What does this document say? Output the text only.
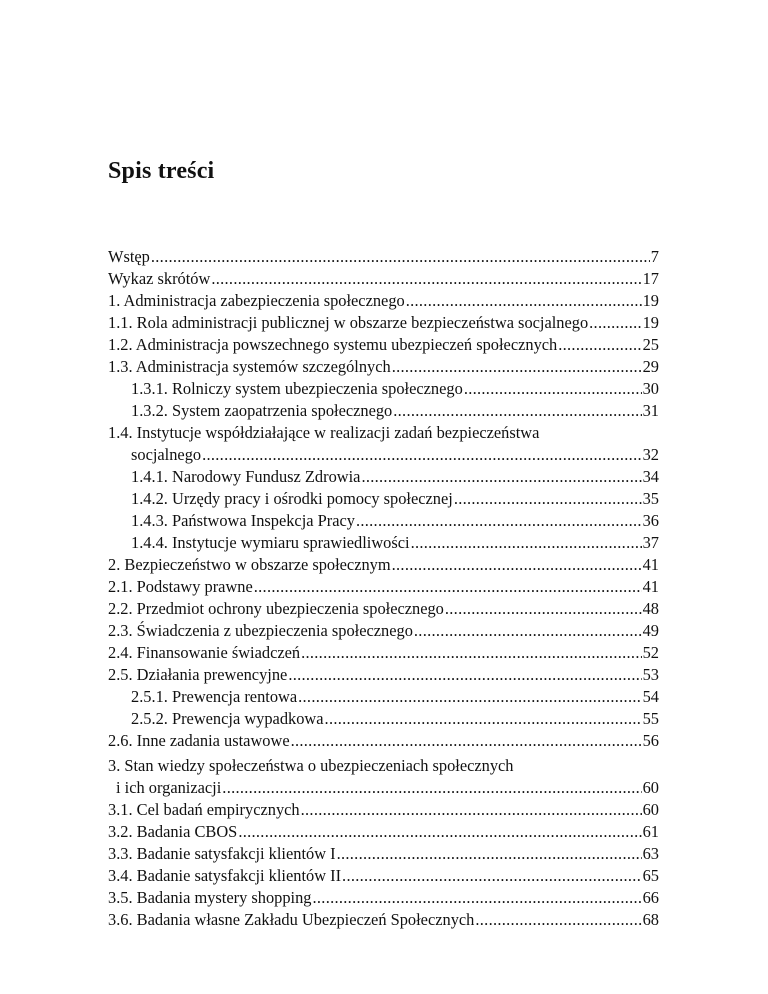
Spis treści
Wstęp .....	7
Wykaz skrótów .....	17
1. Administracja zabezpieczenia społecznego .....	19
1.1. Rola administracji publicznej w obszarze bezpieczeństwa socjalnego .....	19
1.2. Administracja powszechnego systemu ubezpieczeń społecznych .....	25
1.3. Administracja systemów szczególnych .....	29
1.3.1. Rolniczy system ubezpieczenia społecznego .....	30
1.3.2. System zaopatrzenia społecznego .....	31
1.4. Instytucje współdziałające w realizacji zadań bezpieczeństwa
socjalnego .....	32
1.4.1. Narodowy Fundusz Zdrowia .....	34
1.4.2. Urzędy pracy i ośrodki pomocy społecznej .....	35
1.4.3. Państwowa Inspekcja Pracy .....	36
1.4.4. Instytucje wymiaru sprawiedliwości .....	37
2. Bezpieczeństwo w obszarze społecznym .....	41
2.1. Podstawy prawne .....	41
2.2. Przedmiot ochrony ubezpieczenia społecznego .....	48
2.3. Świadczenia z ubezpieczenia społecznego .....	49
2.4. Finansowanie świadczeń .....	52
2.5. Działania prewencyjne .....	53
2.5.1. Prewencja rentowa .....	54
2.5.2. Prewencja wypadkowa .....	55
2.6. Inne zadania ustawowe .....	56
3. Stan wiedzy społeczeństwa o ubezpieczeniach społecznych
i ich organizacji .....	60
3.1. Cel badań empirycznych .....	60
3.2. Badania CBOS .....	61
3.3. Badanie satysfakcji klientów I .....	63
3.4. Badanie satysfakcji klientów II .....	65
3.5. Badania mystery shopping .....	66
3.6. Badania własne Zakładu Ubezpieczeń Społecznych .....	68
